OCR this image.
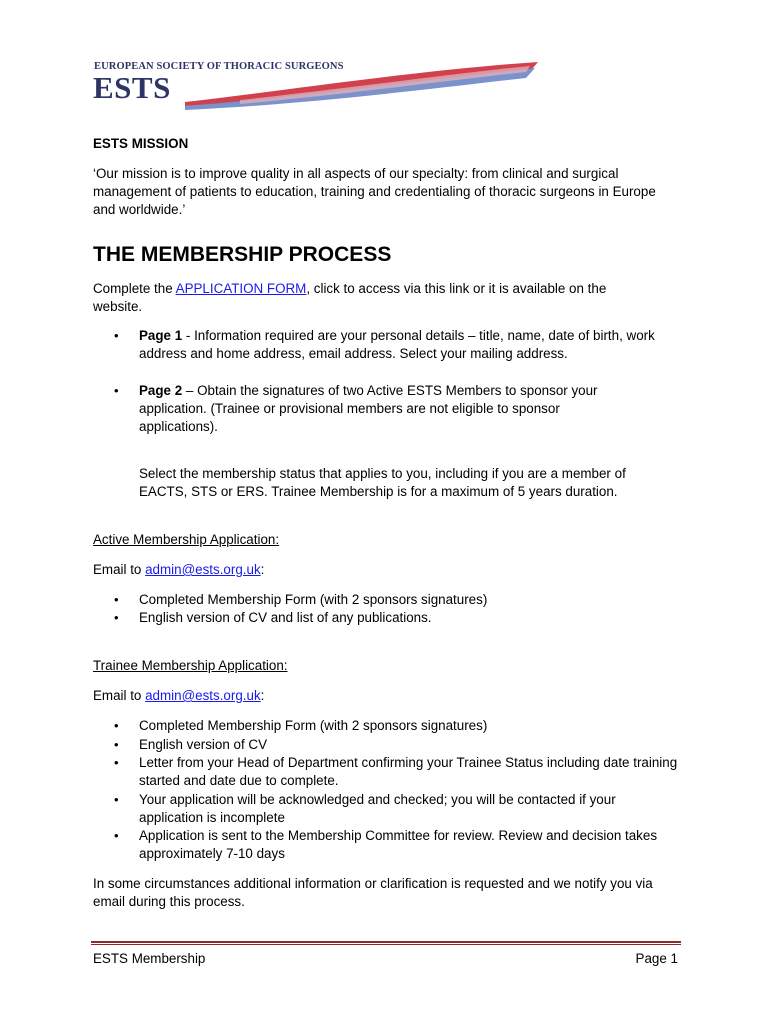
EUROPEAN SOCIETY OF THORACIC SURGEONS
ESTS
ESTS MISSION
‘Our mission is to improve quality in all aspects of our specialty: from clinical and surgical management of patients to education, training and credentialing of thoracic surgeons in Europe and worldwide.’
THE MEMBERSHIP PROCESS
Complete the APPLICATION FORM, click to access via this link or it is available on the website.
•	Page 1 - Information required are your personal details – title, name, date of birth, work address and home address, email address. Select your mailing address.
•	Page 2 – Obtain the signatures of two Active ESTS Members to sponsor your application. (Trainee or provisional members are not eligible to sponsor applications).
Select the membership status that applies to you, including if you are a member of EACTS, STS or ERS. Trainee Membership is for a maximum of 5 years duration.
Active Membership Application:
Email to admin@ests.org.uk:
•	Completed Membership Form (with 2 sponsors signatures)
•	English version of CV and list of any publications.
Trainee Membership Application:
Email to admin@ests.org.uk:
•	Completed Membership Form (with 2 sponsors signatures)
•	English version of CV
•	Letter from your Head of Department confirming your Trainee Status including date training started and date due to complete.
•	Your application will be acknowledged and checked; you will be contacted if your application is incomplete
•	Application is sent to the Membership Committee for review. Review and decision takes approximately 7-10 days
In some circumstances additional information or clarification is requested and we notify you via email during this process.
ESTS Membership	Page 1
